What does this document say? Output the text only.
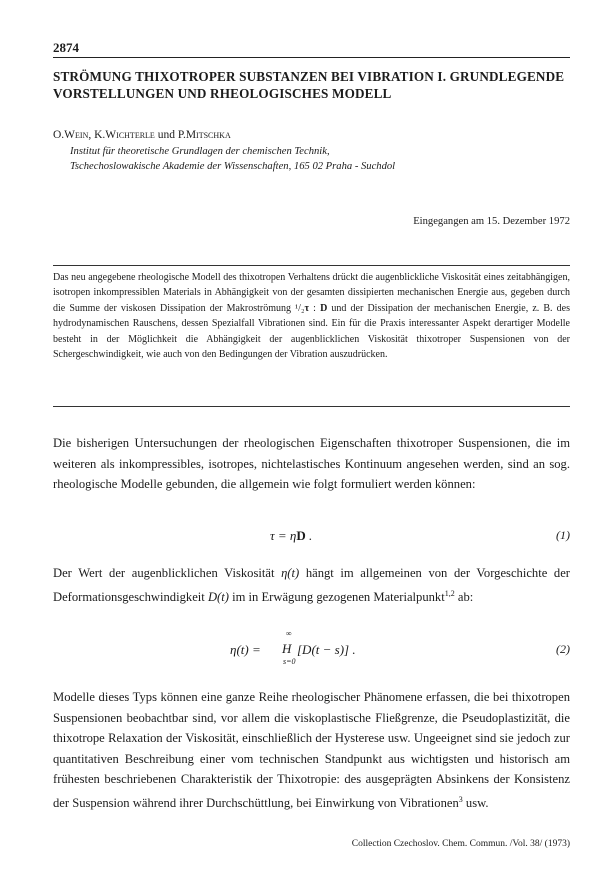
2874
STRÖMUNG THIXOTROPER SUBSTANZEN BEI VIBRATION I. GRUNDLEGENDE VORSTELLUNGEN UND RHEOLOGISCHES MODELL
O.Wein, K.Wichterle und P.Mitschka
Institut für theoretische Grundlagen der chemischen Technik,
Tschechoslowakische Akademie der Wissenschaften, 165 02 Praha - Suchdol
Eingegangen am 15. Dezember 1972
Das neu angegebene rheologische Modell des thixotropen Verhaltens drückt die augenblickliche Viskosität eines zeitabhängigen, isotropen inkompressiblen Materials in Abhängigkeit von der gesamten dissipierten mechanischen Energie aus, gegeben durch die Summe der viskosen Dissipation der Makroströmung ¹/₂τ : D und der Dissipation der mechanischen Energie, z. B. des hydrodynamischen Rauschens, dessen Spezialfall Vibrationen sind. Ein für die Praxis interessanter Aspekt derartiger Modelle besteht in der Möglichkeit die Abhängigkeit der augenblicklichen Viskosität thixotroper Suspensionen von der Schergeschwindigkeit, wie auch von den Bedingungen der Vibration auszudrücken.
Die bisherigen Untersuchungen der rheologischen Eigenschaften thixotroper Suspensionen, die im weiteren als inkompressibles, isotropes, nichtelastisches Kontinuum angesehen werden, sind an sog. rheologische Modelle gebunden, die allgemein wie folgt formuliert werden können:
τ = ηD .	(1)
Der Wert der augenblicklichen Viskosität η(t) hängt im allgemeinen von der Vorgeschichte der Deformationsgeschwindigkeit D(t) im in Erwägung gezogenen Materialpunkt$^{1,2}$ ab:
η(t) =
∞
H
s=0
[D(t − s)] .	(2)
Modelle dieses Typs können eine ganze Reihe rheologischer Phänomene erfassen, die bei thixotropen Suspensionen beobachtbar sind, vor allem die viskoplastische Fließgrenze, die Pseudoplastizität, die thixotrope Relaxation der Viskosität, einschließlich der Hysterese usw. Ungeeignet sind sie jedoch zur quantitativen Beschreibung einer vom technischen Standpunkt aus wichtigsten und historisch am frühesten beschriebenen Charakteristik der Thixotropie: des ausgeprägten Absinkens der Konsistenz der Suspension während ihrer Durchschüttlung, bei Einwirkung von Vibrationen$^3$ usw.
Collection Czechoslov. Chem. Commun. /Vol. 38/ (1973)
